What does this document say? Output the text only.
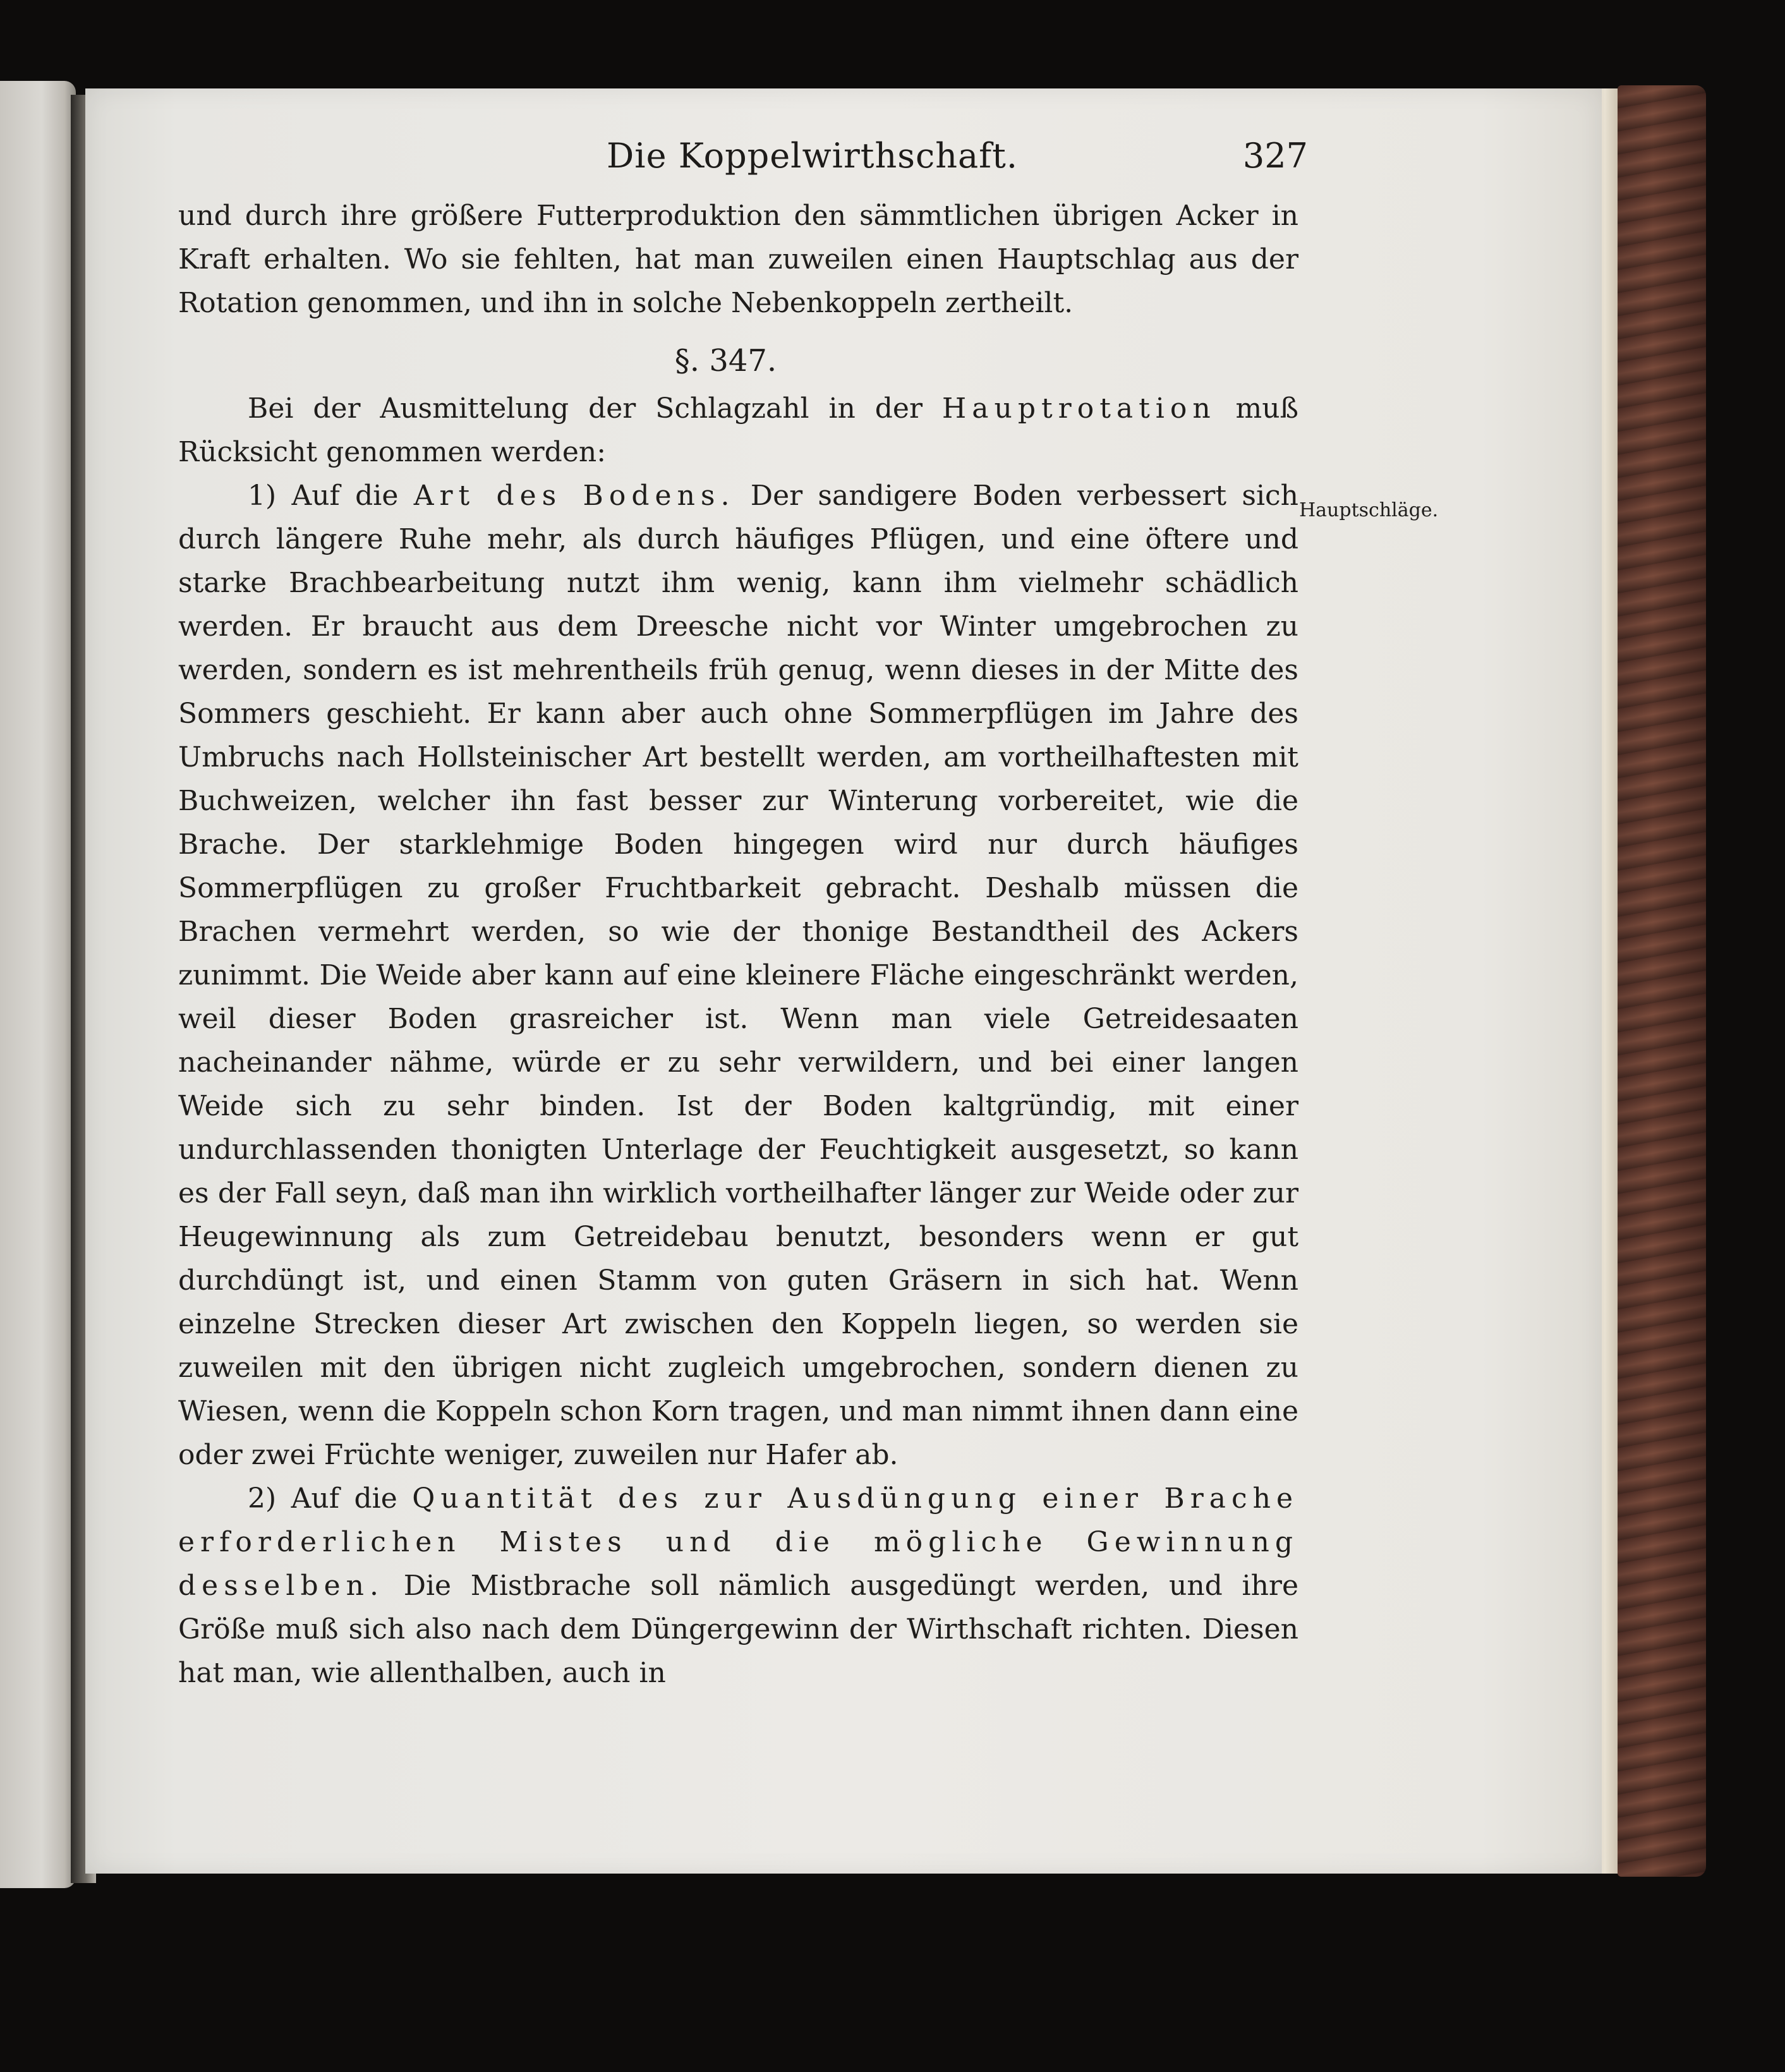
Die Koppelwirthschaft.	327

und durch ihre größere Futterproduktion den sämmtlichen übrigen Acker in Kraft erhalten. Wo sie fehlten, hat man zuweilen einen Hauptschlag aus der Rotation genommen, und ihn in solche Nebenkoppeln zertheilt.

§. 347.

Bei der Ausmittelung der Schlagzahl in der Hauptrotation muß Rücksicht genommen werden:

1) Auf die Art des Bodens. Der sandigere Boden verbessert sich durch längere Ruhe mehr, als durch häufiges Pflügen, und eine öftere und starke Brachbearbeitung nutzt ihm wenig, kann ihm vielmehr schädlich werden. Er braucht aus dem Dreesche nicht vor Winter umgebrochen zu werden, sondern es ist mehrentheils früh genug, wenn dieses in der Mitte des Sommers geschieht. Er kann aber auch ohne Sommerpflügen im Jahre des Umbruchs nach Hollsteinischer Art bestellt werden, am vortheilhaftesten mit Buchweizen, welcher ihn fast besser zur Winterung vorbereitet, wie die Brache. Der starklehmige Boden hingegen wird nur durch häufiges Sommerpflügen zu großer Fruchtbarkeit gebracht. Deshalb müssen die Brachen vermehrt werden, so wie der thonige Bestandtheil des Ackers zunimmt. Die Weide aber kann auf eine kleinere Fläche eingeschränkt werden, weil dieser Boden grasreicher ist. Wenn man viele Getreidesaaten nacheinander nähme, würde er zu sehr verwildern, und bei einer langen Weide sich zu sehr binden. Ist der Boden kaltgründig, mit einer undurchlassenden thonigten Unterlage der Feuchtigkeit ausgesetzt, so kann es der Fall seyn, daß man ihn wirklich vortheilhafter länger zur Weide oder zur Heugewinnung als zum Getreidebau benutzt, besonders wenn er gut durchdüngt ist, und einen Stamm von guten Gräsern in sich hat. Wenn einzelne Strecken dieser Art zwischen den Koppeln liegen, so werden sie zuweilen mit den übrigen nicht zugleich umgebrochen, sondern dienen zu Wiesen, wenn die Koppeln schon Korn tragen, und man nimmt ihnen dann eine oder zwei Früchte weniger, zuweilen nur Hafer ab.

2) Auf die Quantität des zur Ausdüngung einer Brache erforderlichen Mistes und die mögliche Gewinnung desselben. Die Mistbrache soll nämlich ausgedüngt werden, und ihre Größe muß sich also nach dem Düngergewinn der Wirthschaft richten. Diesen hat man, wie allenthalben, auch in

Hauptschläge.
